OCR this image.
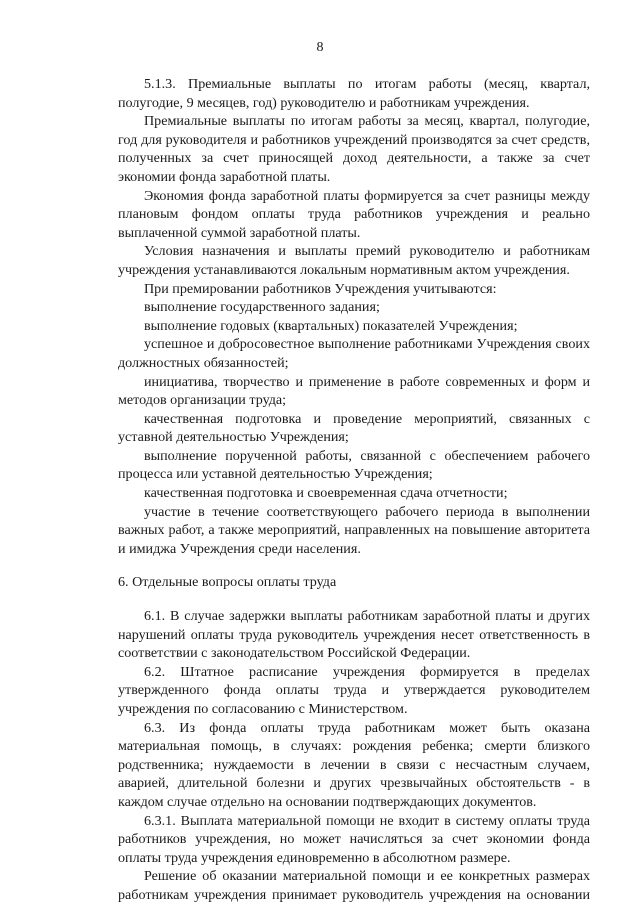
8

5.1.3. Премиальные выплаты по итогам работы (месяц, квартал, полугодие, 9 месяцев, год) руководителю и работникам учреждения.

Премиальные выплаты по итогам работы за месяц, квартал, полугодие, год для руководителя и работников учреждений производятся за счет средств, полученных за счет приносящей доход деятельности, а также за счет экономии фонда заработной платы.

Экономия фонда заработной платы формируется за счет разницы между плановым фондом оплаты труда работников учреждения и реально выплаченной суммой заработной платы.

Условия назначения и выплаты премий руководителю и работникам учреждения устанавливаются локальным нормативным актом учреждения.

При премировании работников Учреждения учитываются:

выполнение государственного задания;

выполнение годовых (квартальных) показателей Учреждения;

успешное и добросовестное выполнение работниками Учреждения своих должностных обязанностей;

инициатива, творчество и применение в работе современных и форм и методов организации труда;

качественная подготовка и проведение мероприятий, связанных с уставной деятельностью Учреждения;

выполнение порученной работы, связанной с обеспечением рабочего процесса или уставной деятельностью Учреждения;

качественная подготовка и своевременная сдача отчетности;

участие в течение соответствующего рабочего периода в выполнении важных работ, а также мероприятий, направленных на повышение авторитета и имиджа Учреждения среди населения.

6. Отдельные вопросы оплаты труда

6.1. В случае задержки выплаты работникам заработной платы и других нарушений оплаты труда руководитель учреждения несет ответственность в соответствии с законодательством Российской Федерации.

6.2. Штатное расписание учреждения формируется в пределах утвержденного фонда оплаты труда и утверждается руководителем учреждения по согласованию с Министерством.

6.3. Из фонда оплаты труда работникам может быть оказана материальная помощь, в случаях: рождения ребенка; смерти близкого родственника; нуждаемости в лечении в связи с несчастным случаем, аварией, длительной болезни и других чрезвычайных обстоятельств - в каждом случае отдельно на основании подтверждающих документов.

6.3.1. Выплата материальной помощи не входит в систему оплаты труда работников учреждения, но может начисляться за счет экономии фонда оплаты труда учреждения единовременно в абсолютном размере.

Решение об оказании материальной помощи и ее конкретных размерах работникам учреждения принимает руководитель учреждения на основании
